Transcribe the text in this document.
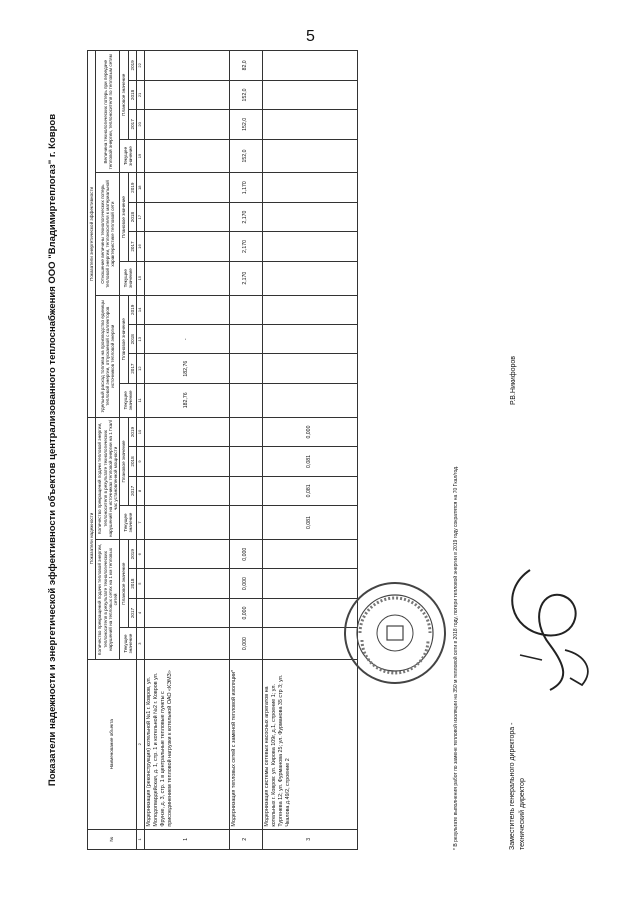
5
Показатели надежности и энергетической эффективности объектов централизованного теплоснабжения ООО "Владимиртеплогаз" г. Ковров
№	Наименование объекта	Показатели надежности								Показатели энергетической эффективности											
		Количество прекращений подачи тепловой энергии, теплоносителя в результате технологических нарушений на тепловых сетях на 1 км тепловых сетей				Количество прекращений подачи тепловой энергии, теплоносителя в результате технологических нарушений на источниках тепловой энергии на 1 Гкал/час установленной мощности				Удельный расход топлива на производство единицы тепловой энергии, отпускаемой с коллекторов источников тепловой энергии				Отношение величины технологических потерь тепловой энергии, теплоносителя к материальной характеристике тепловой сети				Величина технологических потерь при передаче тепловой энергии, теплоносителя по тепловым сетям			
		Текущее значение	Плановое значение			Текущее значение	Плановое значение			Текущее значение	Плановое значение			Текущее значение	Плановое значение			Текущее значение	Плановое значение		
			2017	2018	2019		2017	2018	2019		2017	2018	2019		2017	2018	2019		2017	2018	2019
1	2	3	4	5	6	7	8	9	10	11	12	13	14	15	16	17	18	19	20	21	22
1	Модернизация (реконструкция) котельной №1 г. Ковров, ул. Молодогвардейская, д. 1, стр. 1 и котельной №2 г. Ковров ул. Фрунзе, д. 3, стр. 1 в центральные тепловые пункты с присоединением тепловой нагрузки к котельной ОАО «КЭМЗ»									182,76	182,76	-									
2	Модернизация тепловых сетей с заменой тепловой изоляции*	0,000	0,000	0,000	0,000									2,170	2,170	2,170	1,170	152,0	152,0	152,0	82,0
3	Модернизация системы сетевых насосных агрегатов на котельных г. Ковров: ул. Кирова 109г, д.1, строение 1; ул. Тургенева 12; ул. Фурманова 25; ул. Фурманова 35 стр 3; ул. Чкалова д.49/2, строение 2					0,081	0,081	0,081	0,000												
* В результате выполнения работ по замене тепловой изоляции на 350 м тепловой сети в 2018 году, потери тепловой энергии в 2019 году сократятся на 70 Гкал/год.	Заместитель генерального директора - технический директор
Р.В.Никифоров
